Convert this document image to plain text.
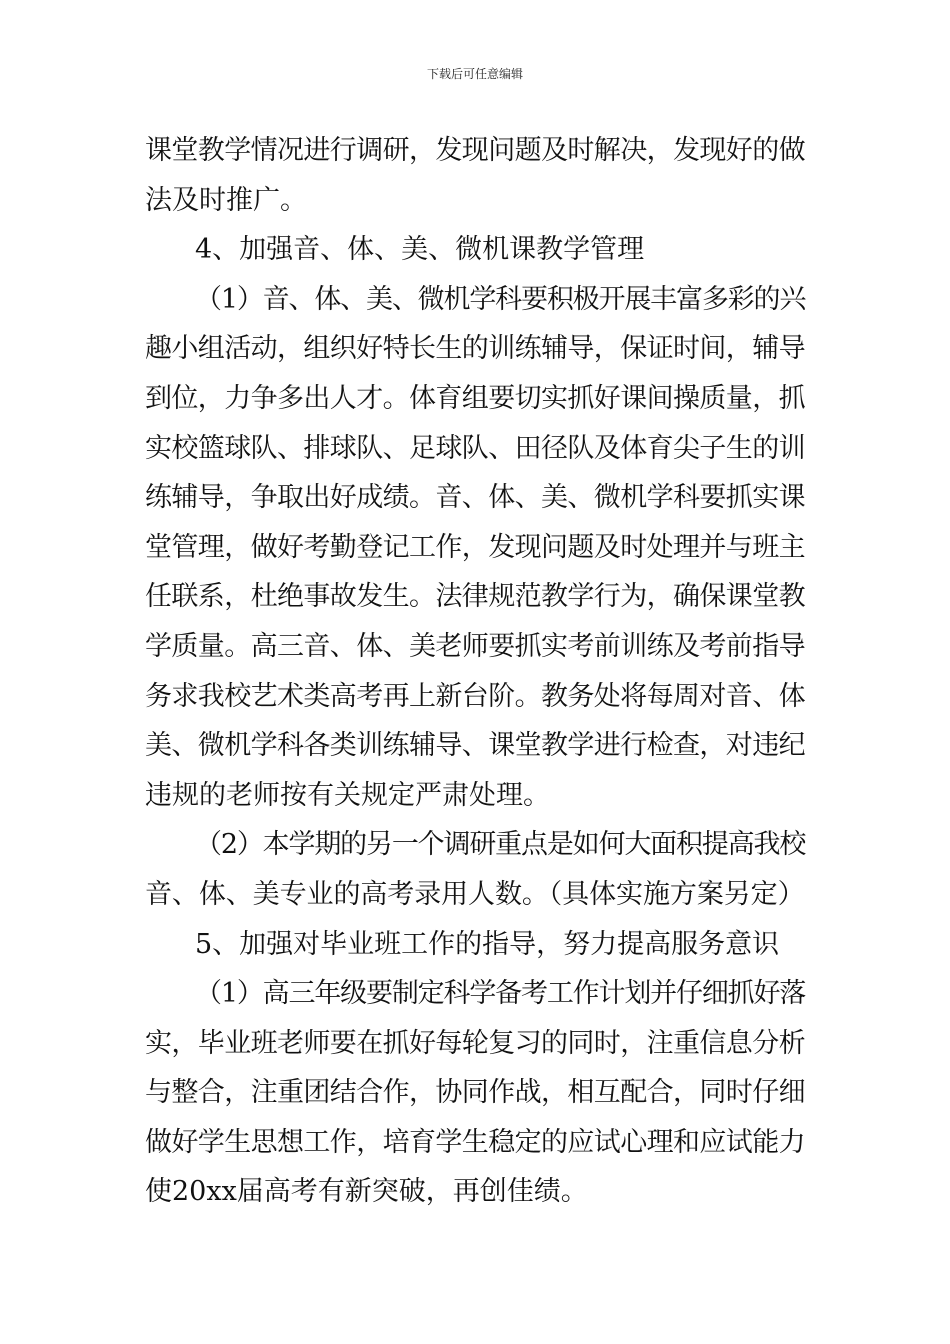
下载后可任意编辑
课堂教学情况进行调研，发现问题及时解决，发现好的做
法及时推广。
4、加强音、体、美、微机课教学管理
（1）音、体、美、微机学科要积极开展丰富多彩的兴
趣小组活动，组织好特长生的训练辅导，保证时间，辅导
到位，力争多出人才。体育组要切实抓好课间操质量，抓
实校篮球队、排球队、足球队、田径队及体育尖子生的训
练辅导，争取出好成绩。音、体、美、微机学科要抓实课
堂管理，做好考勤登记工作，发现问题及时处理并与班主
任联系，杜绝事故发生。法律规范教学行为，确保课堂教
学质量。高三音、体、美老师要抓实考前训练及考前指导
务求我校艺术类高考再上新台阶。教务处将每周对音、体
美、微机学科各类训练辅导、课堂教学进行检查，对违纪
违规的老师按有关规定严肃处理。
（2）本学期的另一个调研重点是如何大面积提高我校
音、体、美专业的高考录用人数。（具体实施方案另定）
5、加强对毕业班工作的指导，努力提高服务意识
（1）高三年级要制定科学备考工作计划并仔细抓好落
实，毕业班老师要在抓好每轮复习的同时，注重信息分析
与整合，注重团结合作，协同作战，相互配合，同时仔细
做好学生思想工作，培育学生稳定的应试心理和应试能力
使20xx届高考有新突破，再创佳绩。
